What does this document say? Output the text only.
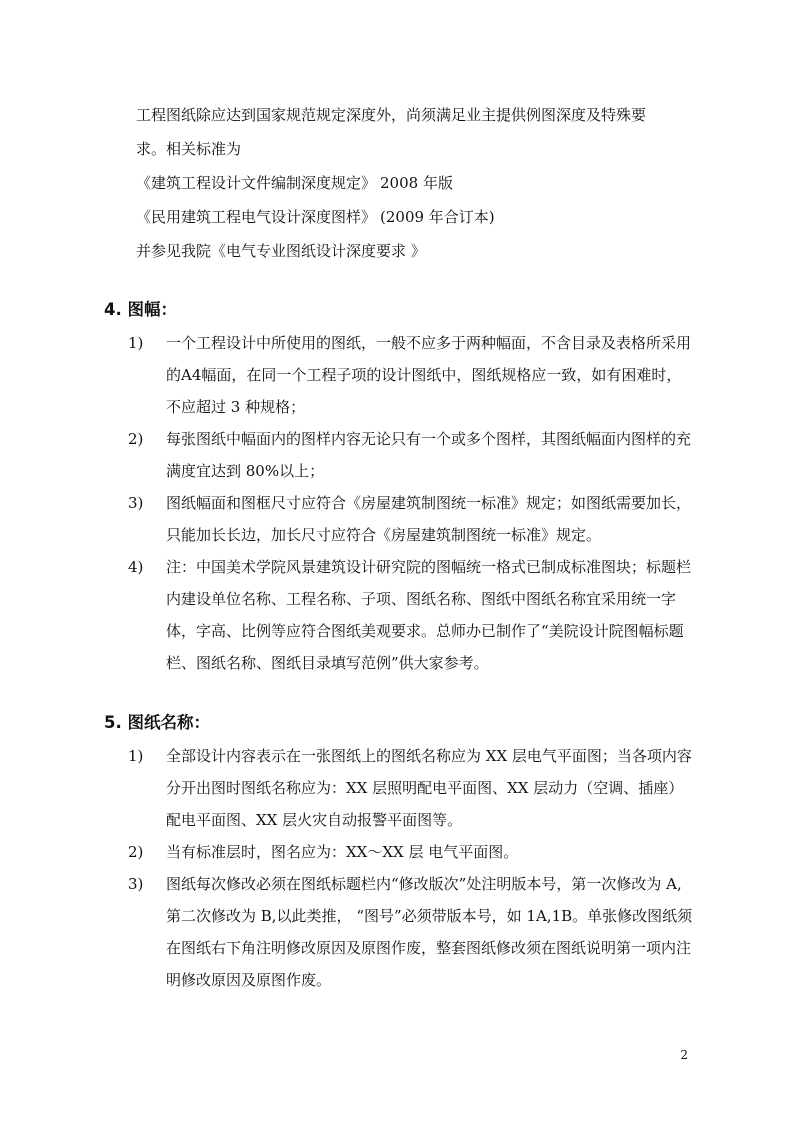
工程图纸除应达到国家规范规定深度外，尚须满足业主提供例图深度及特殊要

求。相关标准为

《建筑工程设计文件编制深度规定》 2008 年版
《民用建筑工程电气设计深度图样》 (2009 年合订本)

并参见我院《电气专业图纸设计深度要求 》

4. 图幅：
1)	一个工程设计中所使用的图纸，一般不应多于两种幅面，不含目录及表格所采用的A4幅面，在同一个工程子项的设计图纸中，图纸规格应一致，如有困难时，不应超过 3 种规格；
2)	每张图纸中幅面内的图样内容无论只有一个或多个图样，其图纸幅面内图样的充满度宜达到 80%以上；
3)	图纸幅面和图框尺寸应符合《房屋建筑制图统一标准》规定；如图纸需要加长，只能加长长边，加长尺寸应符合《房屋建筑制图统一标准》规定。
4)	注：中国美术学院风景建筑设计研究院的图幅统一格式已制成标准图块；标题栏内建设单位名称、工程名称、子项、图纸名称、图纸中图纸名称宜采用统一字体，字高、比例等应符合图纸美观要求。总师办已制作了“美院设计院图幅标题栏、图纸名称、图纸目录填写范例”供大家参考。
5. 图纸名称：
1)	全部设计内容表示在一张图纸上的图纸名称应为 XX 层电气平面图；当各项内容分开出图时图纸名称应为：XX 层照明配电平面图、XX 层动力（空调、插座）配电平面图、XX 层火灾自动报警平面图等。
2)	当有标准层时，图名应为：XX～XX 层 电气平面图。
3)	图纸每次修改必须在图纸标题栏内“修改版次”处注明版本号，第一次修改为 A,第二次修改为 B,以此类推， “图号”必须带版本号，如 1A,1B。单张修改图纸须在图纸右下角注明修改原因及原图作废，整套图纸修改须在图纸说明第一项内注明修改原因及原图作废。
2
